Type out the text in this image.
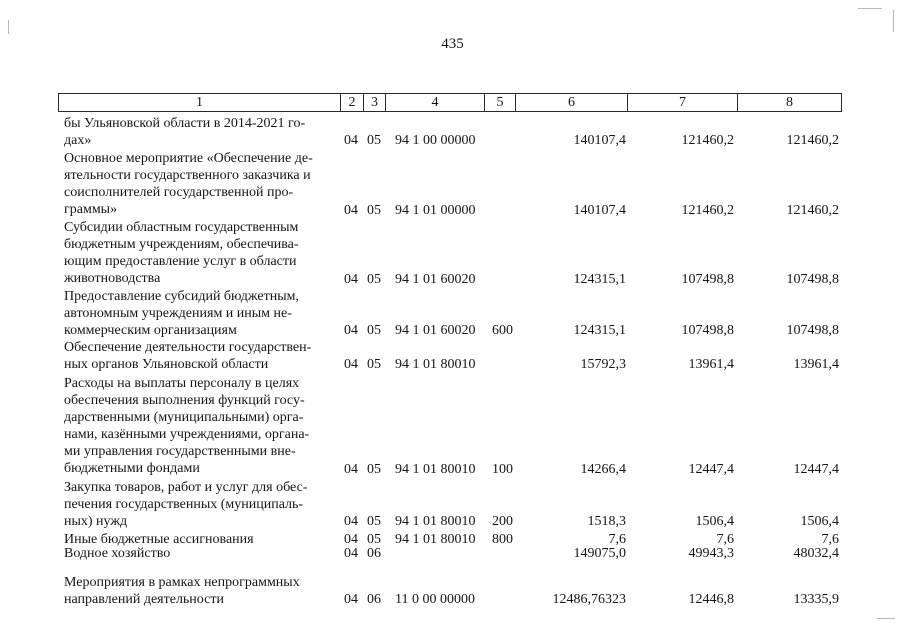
435
1	2	3	4	5	6	7	8
бы Ульяновской области в 2014-2021 го-
дах»	04 05 94 1 00 00000	140107,4	121460,2	121460,2
Основное мероприятие «Обеспечение де-
ятельности государственного заказчика и
соисполнителей государственной про-
граммы»	04 05 94 1 01 00000	140107,4	121460,2	121460,2
Субсидии областным государственным
бюджетным учреждениям, обеспечива-
ющим предоставление услуг в области
животноводства	04 05 94 1 01 60020	124315,1	107498,8	107498,8
Предоставление субсидий бюджетным,
автономным учреждениям и иным не-
коммерческим организациям	04 05 94 1 01 60020 600	124315,1	107498,8	107498,8
Обеспечение деятельности государствен-
ных органов Ульяновской области	04 05 94 1 01 80010	15792,3	13961,4	13961,4
Расходы на выплаты персоналу в целях
обеспечения выполнения функций госу-
дарственными (муниципальными) орга-
нами, казёнными учреждениями, органа-
ми управления государственными вне-
бюджетными фондами	04 05 94 1 01 80010 100	14266,4	12447,4	12447,4
Закупка товаров, работ и услуг для обес-
печения государственных (муниципаль-
ных) нужд	04 05 94 1 01 80010 200	1518,3	1506,4	1506,4
Иные бюджетные ассигнования	04 05 94 1 01 80010 800	7,6	7,6	7,6
Водное хозяйство	04 06	149075,0	49943,3	48032,4
Мероприятия в рамках непрограммных
направлений деятельности	04 06 11 0 00 00000	12486,76323	12446,8	13335,9
